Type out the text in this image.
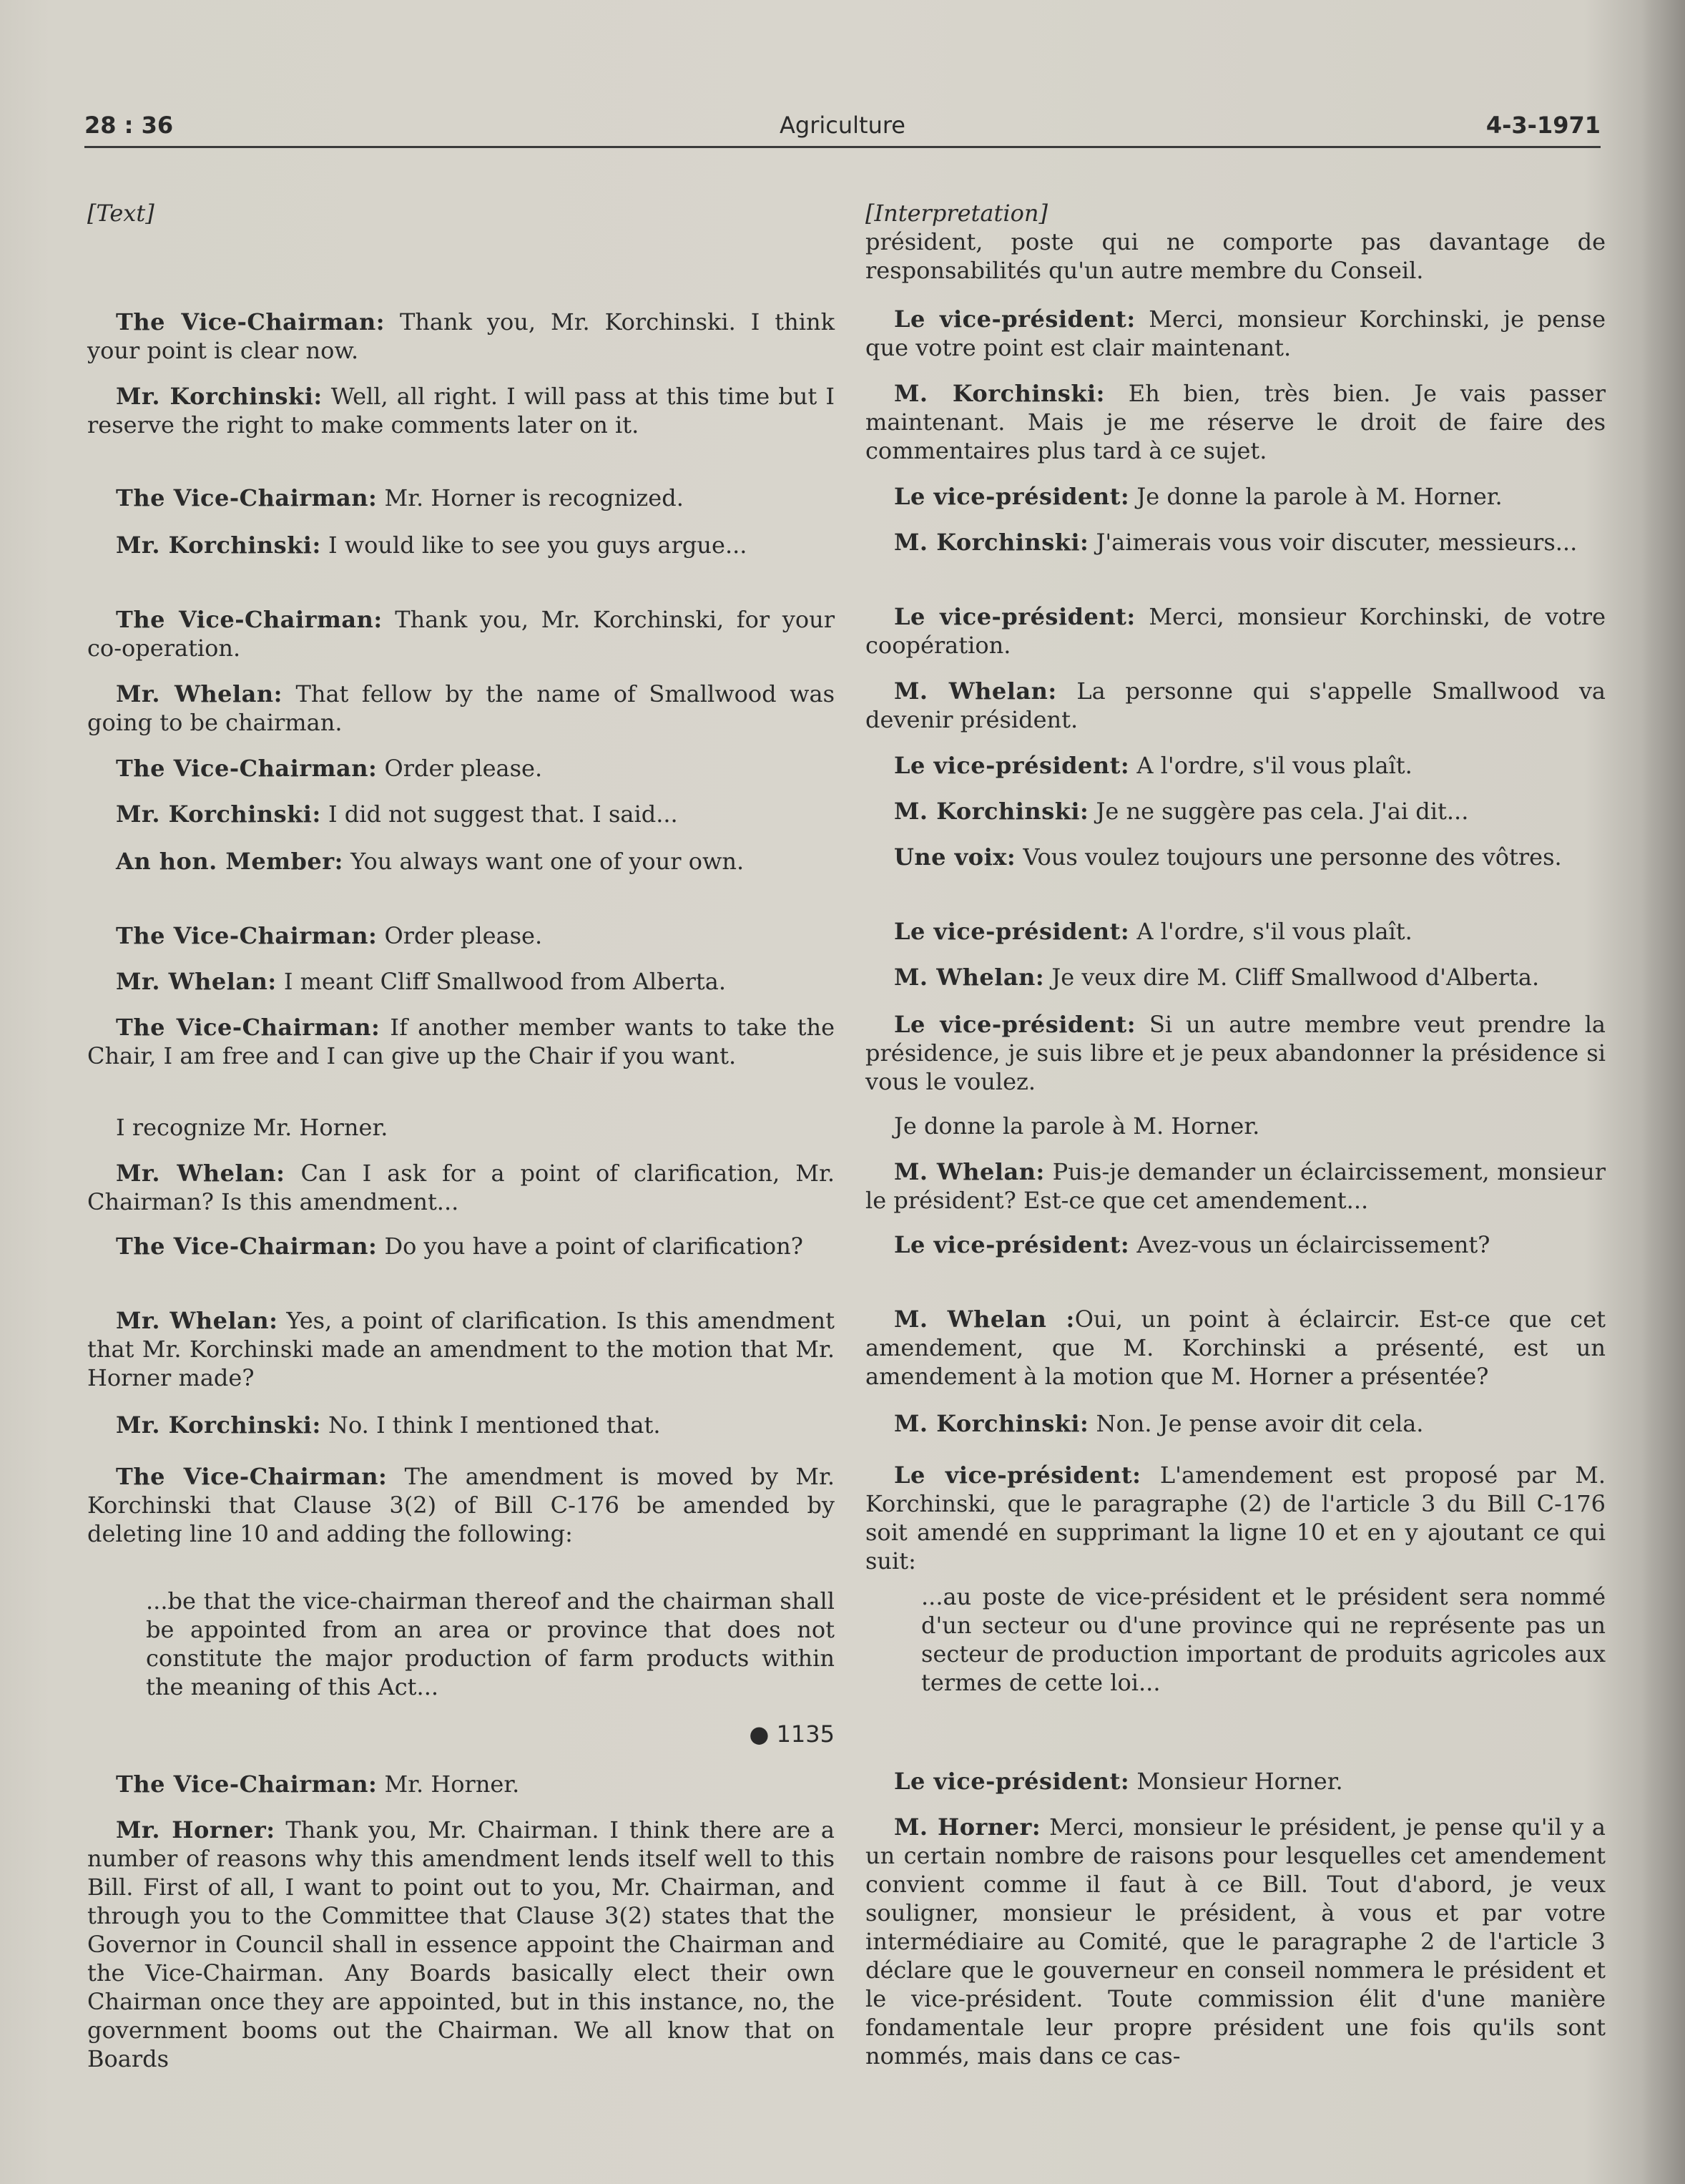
28 : 36	Agriculture	4-3-1971
[Text]

The Vice-Chairman: Thank you, Mr. Korchinski. I think your point is clear now.

Mr. Korchinski: Well, all right. I will pass at this time but I reserve the right to make comments later on it.

The Vice-Chairman: Mr. Horner is recognized.

Mr. Korchinski: I would like to see you guys argue...

The Vice-Chairman: Thank you, Mr. Korchinski, for your co-operation.

Mr. Whelan: That fellow by the name of Smallwood was going to be chairman.

The Vice-Chairman: Order please.

Mr. Korchinski: I did not suggest that. I said...

An hon. Member: You always want one of your own.

The Vice-Chairman: Order please.

Mr. Whelan: I meant Cliff Smallwood from Alberta.

The Vice-Chairman: If another member wants to take the Chair, I am free and I can give up the Chair if you want.

I recognize Mr. Horner.

Mr. Whelan: Can I ask for a point of clarification, Mr. Chairman? Is this amendment...

The Vice-Chairman: Do you have a point of clarification?

Mr. Whelan: Yes, a point of clarification. Is this amendment that Mr. Korchinski made an amendment to the motion that Mr. Horner made?

Mr. Korchinski: No. I think I mentioned that.

The Vice-Chairman: The amendment is moved by Mr. Korchinski that Clause 3(2) of Bill C-176 be amended by deleting line 10 and adding the following:

...be that the vice-chairman thereof and the chairman shall be appointed from an area or province that does not constitute the major production of farm products within the meaning of this Act...

● 1135

The Vice-Chairman: Mr. Horner.

Mr. Horner: Thank you, Mr. Chairman. I think there are a number of reasons why this amendment lends itself well to this Bill. First of all, I want to point out to you, Mr. Chairman, and through you to the Committee that Clause 3(2) states that the Governor in Council shall in essence appoint the Chairman and the Vice-Chairman. Any Boards basically elect their own Chairman once they are appointed, but in this instance, no, the government booms out the Chairman. We all know that on Boards

[Interpretation]

président, poste qui ne comporte pas davantage de responsabilités qu'un autre membre du Conseil.

Le vice-président: Merci, monsieur Korchinski, je pense que votre point est clair maintenant.

M. Korchinski: Eh bien, très bien. Je vais passer maintenant. Mais je me réserve le droit de faire des commentaires plus tard à ce sujet.

Le vice-président: Je donne la parole à M. Horner.

M. Korchinski: J'aimerais vous voir discuter, messieurs...

Le vice-président: Merci, monsieur Korchinski, de votre coopération.

M. Whelan: La personne qui s'appelle Smallwood va devenir président.

Le vice-président: A l'ordre, s'il vous plaît.

M. Korchinski: Je ne suggère pas cela. J'ai dit...

Une voix: Vous voulez toujours une personne des vôtres.

Le vice-président: A l'ordre, s'il vous plaît.

M. Whelan: Je veux dire M. Cliff Smallwood d'Alberta.

Le vice-président: Si un autre membre veut prendre la présidence, je suis libre et je peux abandonner la présidence si vous le voulez.

Je donne la parole à M. Horner.

M. Whelan: Puis-je demander un éclaircissement, monsieur le président? Est-ce que cet amendement...

Le vice-président: Avez-vous un éclaircissement?

M. Whelan :Oui, un point à éclaircir. Est-ce que cet amendement, que M. Korchinski a présenté, est un amendement à la motion que M. Horner a présentée?

M. Korchinski: Non. Je pense avoir dit cela.

Le vice-président: L'amendement est proposé par M. Korchinski, que le paragraphe (2) de l'article 3 du Bill C-176 soit amendé en supprimant la ligne 10 et en y ajoutant ce qui suit:

...au poste de vice-président et le président sera nommé d'un secteur ou d'une province qui ne représente pas un secteur de production important de produits agricoles aux termes de cette loi...

Le vice-président: Monsieur Horner.

M. Horner: Merci, monsieur le président, je pense qu'il y a un certain nombre de raisons pour lesquelles cet amendement convient comme il faut à ce Bill. Tout d'abord, je veux souligner, monsieur le président, à vous et par votre intermédiaire au Comité, que le paragraphe 2 de l'article 3 déclare que le gouverneur en conseil nommera le président et le vice-président. Toute commission élit d'une manière fondamentale leur propre président une fois qu'ils sont nommés, mais dans ce cas-
